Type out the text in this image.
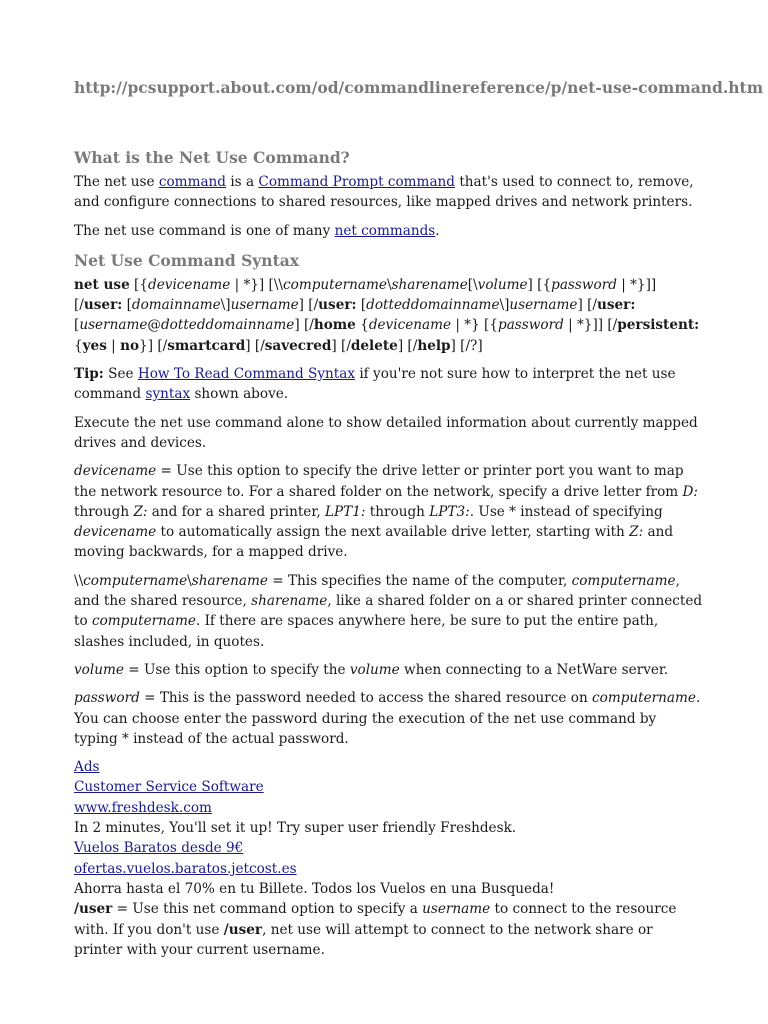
http://pcsupport.about.com/od/commandlinereference/p/net-use-command.htm
What is the Net Use Command?

The net use command is a Command Prompt command that's used to connect to, remove, and configure connections to shared resources, like mapped drives and network printers.

The net use command is one of many net commands.

Net Use Command Syntax

net use [{devicename | *}] [\\computername\sharename[\volume] [{password | *}]] [/user: [domainname\]username] [/user: [dotteddomainname\]username] [/user: [username@dotteddomainname] [/home {devicename | *} [{password | *}]] [/persistent:{yes | no}] [/smartcard] [/savecred] [/delete] [/help] [/?]

Tip: See How To Read Command Syntax if you're not sure how to interpret the net use command syntax shown above.

Execute the net use command alone to show detailed information about currently mapped drives and devices.

devicename = Use this option to specify the drive letter or printer port you want to map the network resource to. For a shared folder on the network, specify a drive letter from D: through Z: and for a shared printer, LPT1: through LPT3:. Use * instead of specifying devicename to automatically assign the next available drive letter, starting with Z: and moving backwards, for a mapped drive.

\\computername\sharename = This specifies the name of the computer, computername, and the shared resource, sharename, like a shared folder on a or shared printer connected to computername. If there are spaces anywhere here, be sure to put the entire path, slashes included, in quotes.

volume = Use this option to specify the volume when connecting to a NetWare server.

password = This is the password needed to access the shared resource on computername. You can choose enter the password during the execution of the net use command by typing * instead of the actual password.

Ads

Customer Service Software

www.freshdesk.com

In 2 minutes, You'll set it up! Try super user friendly Freshdesk.

Vuelos Baratos desde 9€

ofertas.vuelos.baratos.jetcost.es

Ahorra hasta el 70% en tu Billete. Todos los Vuelos en una Busqueda!

/user = Use this net command option to specify a username to connect to the resource with. If you don't use /user, net use will attempt to connect to the network share or printer with your current username.
